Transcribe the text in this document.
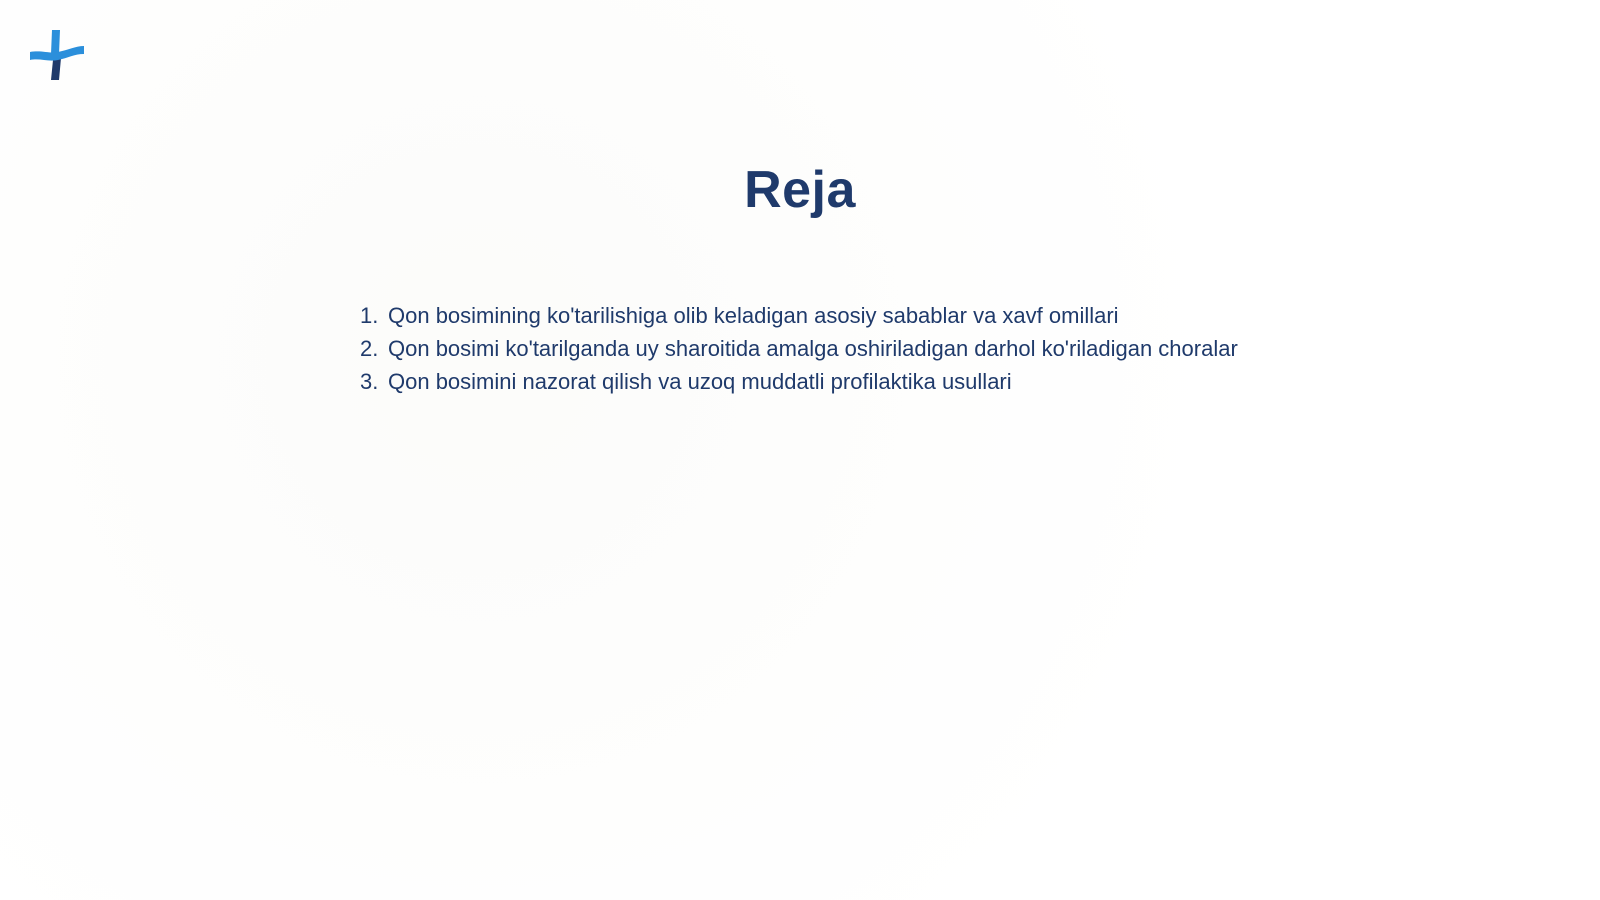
Reja
1. Qon bosimining ko'tarilishiga olib keladigan asosiy sabablar va xavf omillari
2. Qon bosimi ko'tarilganda uy sharoitida amalga oshiriladigan darhol ko'riladigan choralar
3. Qon bosimini nazorat qilish va uzoq muddatli profilaktika usullari
